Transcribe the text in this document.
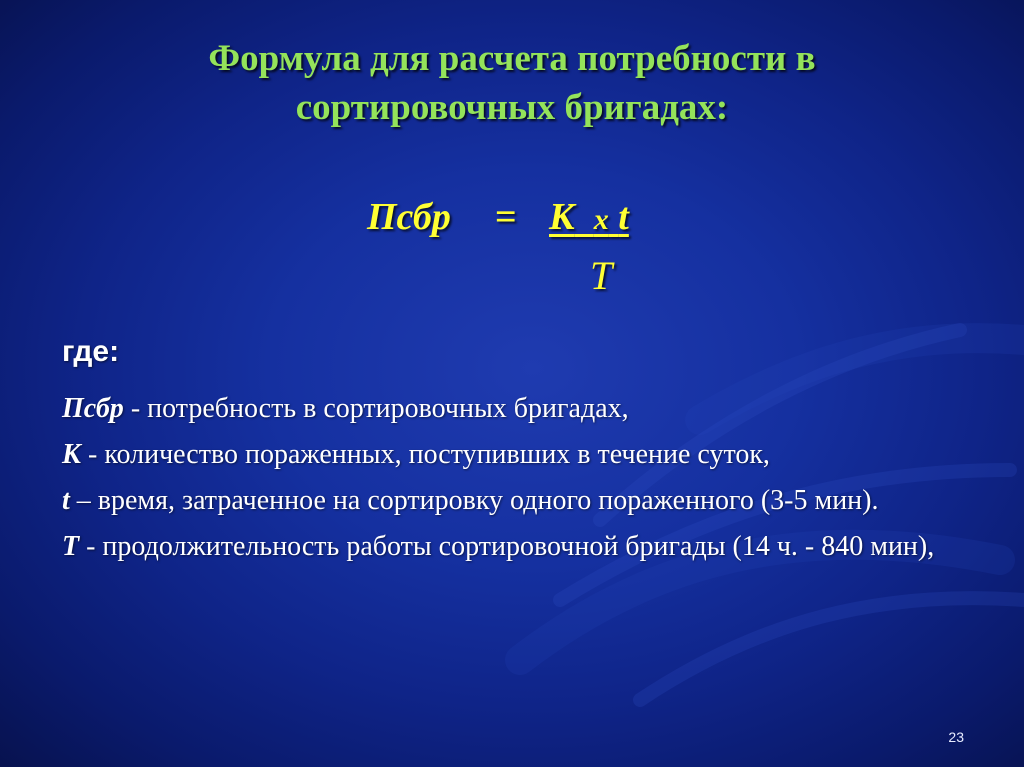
Формула для расчета потребности в
сортировочных бригадах:
Псбр = К х t
Т
где:
Псбр - потребность в сортировочных бригадах,
К - количество пораженных, поступивших в течение суток,
t – время, затраченное на сортировку одного пораженного (3-5 мин).
Т - продолжительность работы сортировочной бригады (14 ч. - 840 мин),
23
